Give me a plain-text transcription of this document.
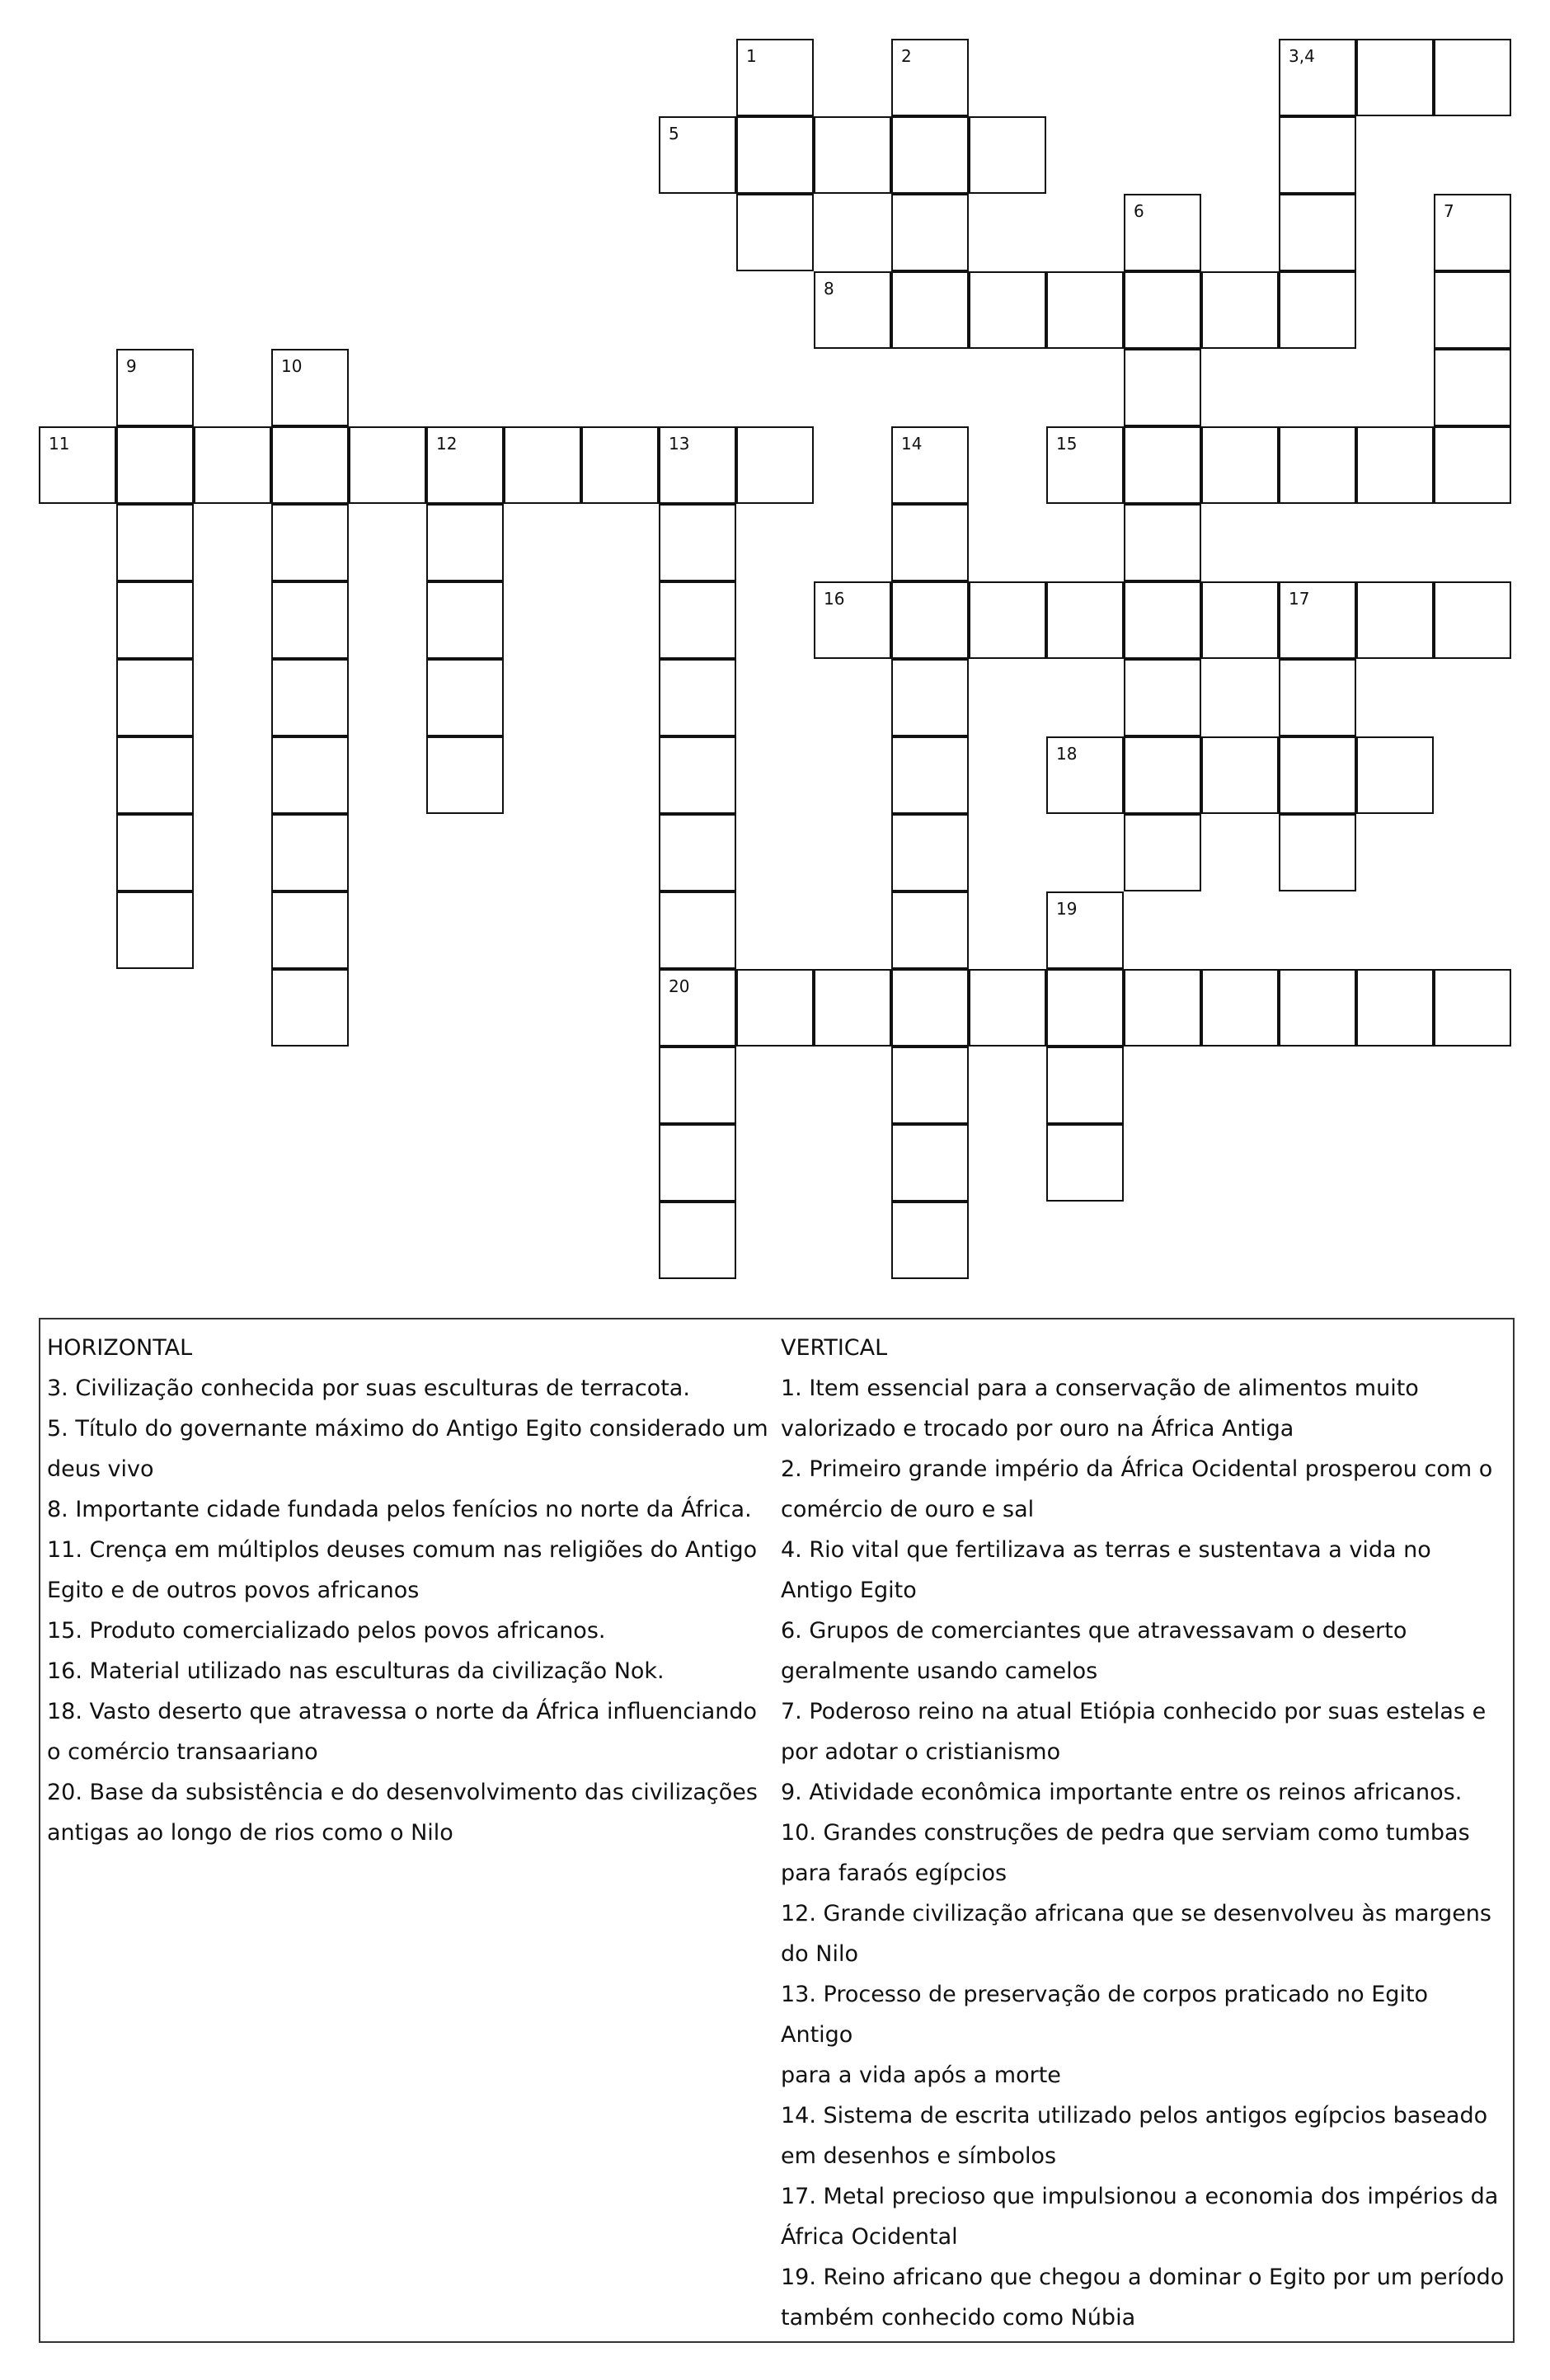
1	2	3,4
5
6	7
8
9	10
11	12	13	14	15
16	17
18
19
20
HORIZONTAL
3. Civilização conhecida por suas esculturas de terracota.
5. Título do governante máximo do Antigo Egito considerado um
deus vivo
8. Importante cidade fundada pelos fenícios no norte da África.
11. Crença em múltiplos deuses comum nas religiões do Antigo
Egito e de outros povos africanos
15. Produto comercializado pelos povos africanos.
16. Material utilizado nas esculturas da civilização Nok.
18. Vasto deserto que atravessa o norte da África influenciando
o comércio transaariano
20. Base da subsistência e do desenvolvimento das civilizações
antigas ao longo de rios como o Nilo
VERTICAL
1. Item essencial para a conservação de alimentos muito
valorizado e trocado por ouro na África Antiga
2. Primeiro grande império da África Ocidental prosperou com o
comércio de ouro e sal
4. Rio vital que fertilizava as terras e sustentava a vida no
Antigo Egito
6. Grupos de comerciantes que atravessavam o deserto
geralmente usando camelos
7. Poderoso reino na atual Etiópia conhecido por suas estelas e
por adotar o cristianismo
9. Atividade econômica importante entre os reinos africanos.
10. Grandes construções de pedra que serviam como tumbas
para faraós egípcios
12. Grande civilização africana que se desenvolveu às margens
do Nilo
13. Processo de preservação de corpos praticado no Egito Antigo
para a vida após a morte
14. Sistema de escrita utilizado pelos antigos egípcios baseado
em desenhos e símbolos
17. Metal precioso que impulsionou a economia dos impérios da
África Ocidental
19. Reino africano que chegou a dominar o Egito por um período
também conhecido como Núbia
